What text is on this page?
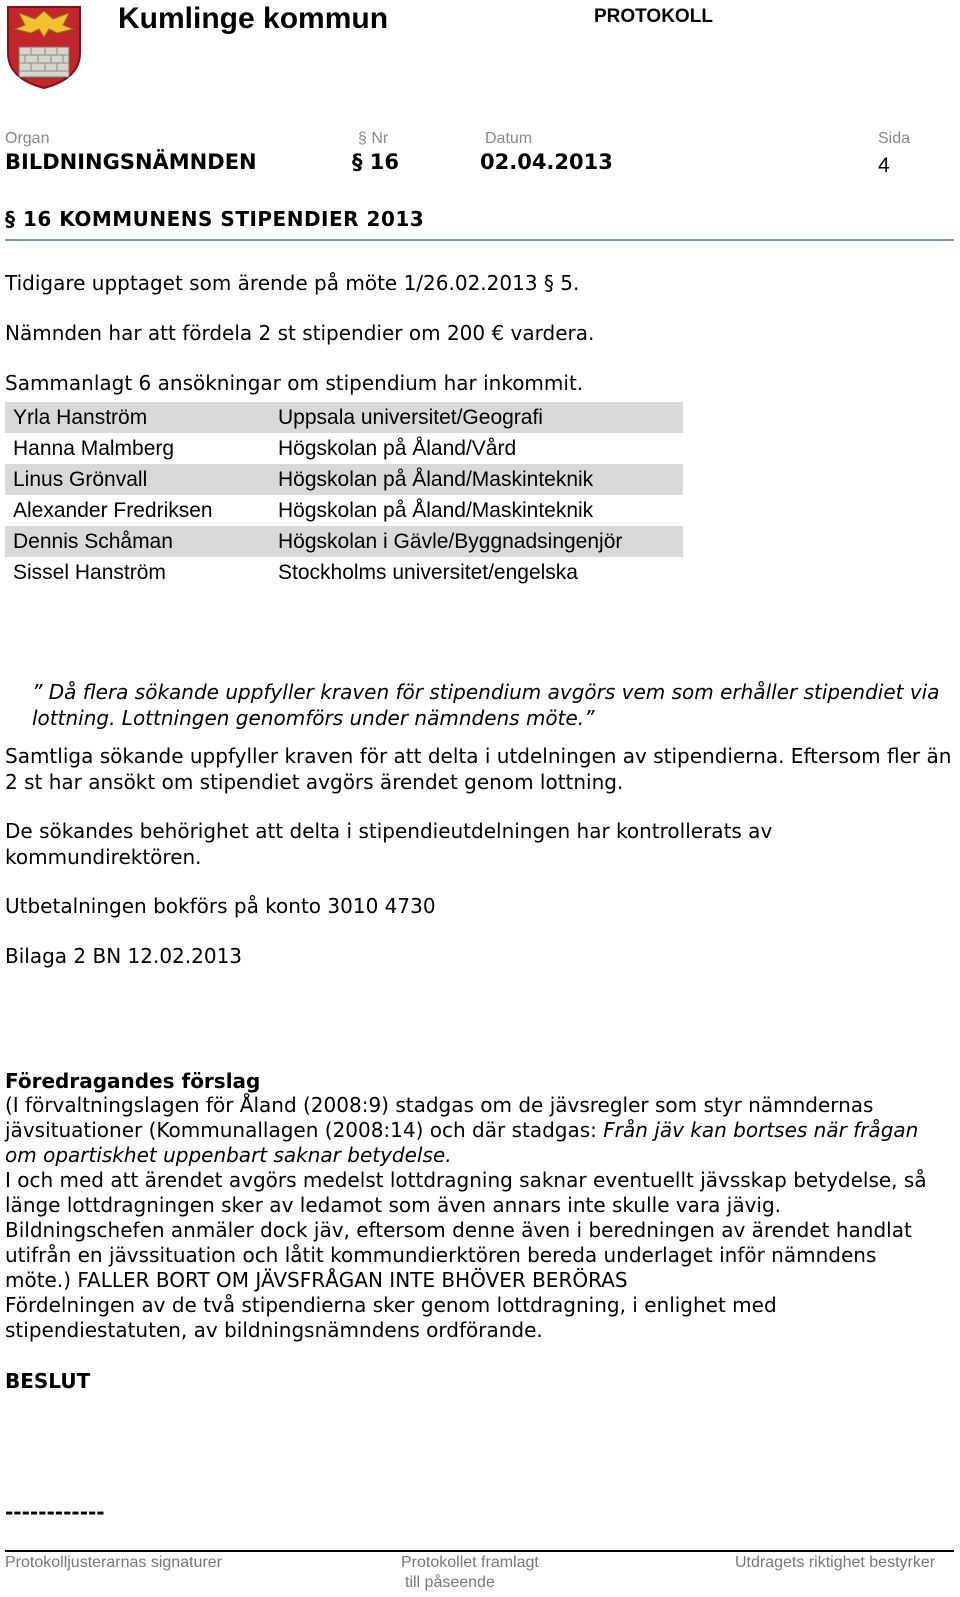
Kumlinge kommun	PROTOKOLL
Organ	§ Nr	Datum	Sida
BILDNINGSNÄMNDEN	§ 16	02.04.2013	4
§ 16 KOMMUNENS STIPENDIER 2013
Tidigare upptaget som ärende på möte 1/26.02.2013 § 5.
Nämnden har att fördela 2 st stipendier om 200 € vardera.
Sammanlagt 6 ansökningar om stipendium har inkommit.
Yrla Hanström	Uppsala universitet/Geografi
Hanna Malmberg	Högskolan på Åland/Vård
Linus Grönvall	Högskolan på Åland/Maskinteknik
Alexander Fredriksen	Högskolan på Åland/Maskinteknik
Dennis Schåman	Högskolan i Gävle/Byggnadsingenjör
Sissel Hanström	Stockholms universitet/engelska
” Då flera sökande uppfyller kraven för stipendium avgörs vem som erhåller stipendiet via lottning. Lottningen genomförs under nämndens möte.”
Samtliga sökande uppfyller kraven för att delta i utdelningen av stipendierna. Eftersom fler än 2 st har ansökt om stipendiet avgörs ärendet genom lottning.
De sökandes behörighet att delta i stipendieutdelningen har kontrollerats av kommundirektören.
Utbetalningen bokförs på konto 3010 4730
Bilaga 2 BN 12.02.2013
Föredragandes förslag
(I förvaltningslagen för Åland (2008:9) stadgas om de jävsregler som styr nämndernas jävsituationer (Kommunallagen (2008:14) och där stadgas: Från jäv kan bortses när frågan om opartiskhet uppenbart saknar betydelse.
I och med att ärendet avgörs medelst lottdragning saknar eventuellt jävsskap betydelse, så länge lottdragningen sker av ledamot som även annars inte skulle vara jävig. Bildningschefen anmäler dock jäv, eftersom denne även i beredningen av ärendet handlat utifrån en jävssituation och låtit kommundierktören bereda underlaget inför nämndens möte.) FALLER BORT OM JÄVSFRÅGAN INTE BHÖVER BERÖRAS
Fördelningen av de två stipendierna sker genom lottdragning, i enlighet med stipendiestatuten, av bildningsnämndens ordförande.
BESLUT
------------
Protokolljusterarnas signaturer	Protokollet framlagt
till påseende
Utdragets riktighet bestyrker
